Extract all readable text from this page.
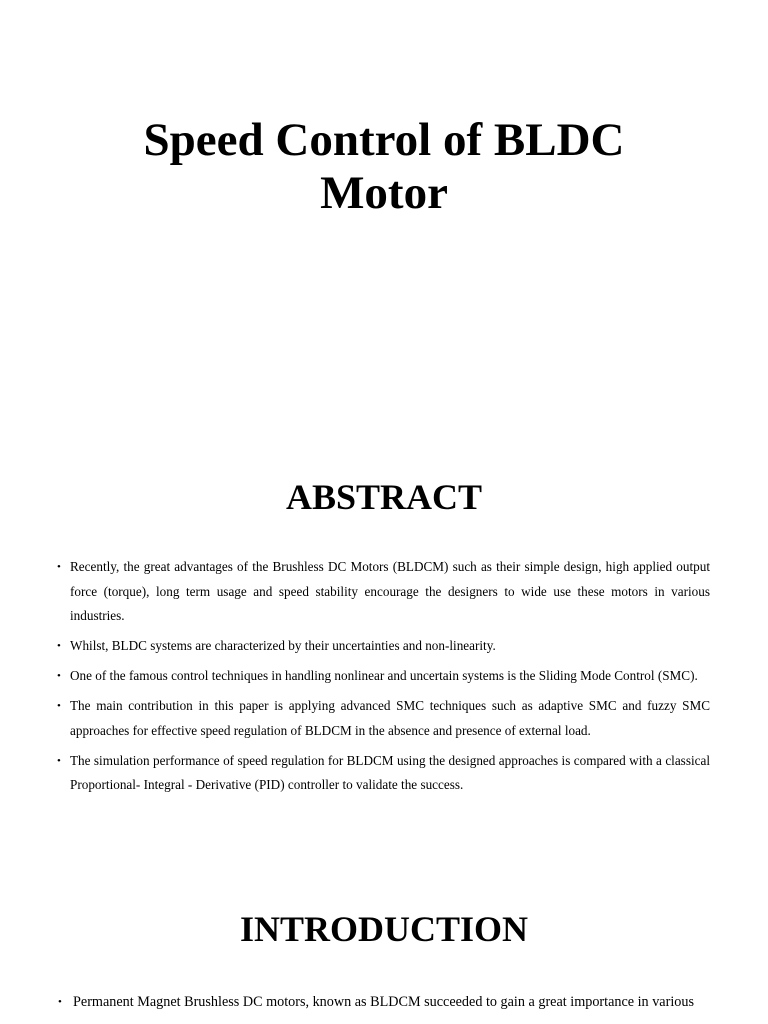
Speed Control of BLDC
Motor
ABSTRACT
• Recently, the great advantages of the Brushless DC Motors (BLDCM) such as their simple design, high applied output force (torque), long term usage and speed stability encourage the designers to wide use these motors in various industries.
• Whilst, BLDC systems are characterized by their uncertainties and non-linearity.
• One of the famous control techniques in handling nonlinear and uncertain systems is the Sliding Mode Control (SMC).
• The main contribution in this paper is applying advanced SMC techniques such as adaptive SMC and fuzzy SMC approaches for effective speed regulation of BLDCM in the absence and presence of external load.
• The simulation performance of speed regulation for BLDCM using the designed approaches is compared with a classical Proportional- Integral - Derivative (PID) controller to validate the success.
INTRODUCTION
• Permanent Magnet Brushless DC motors, known as BLDCM succeeded to gain a great importance in various
